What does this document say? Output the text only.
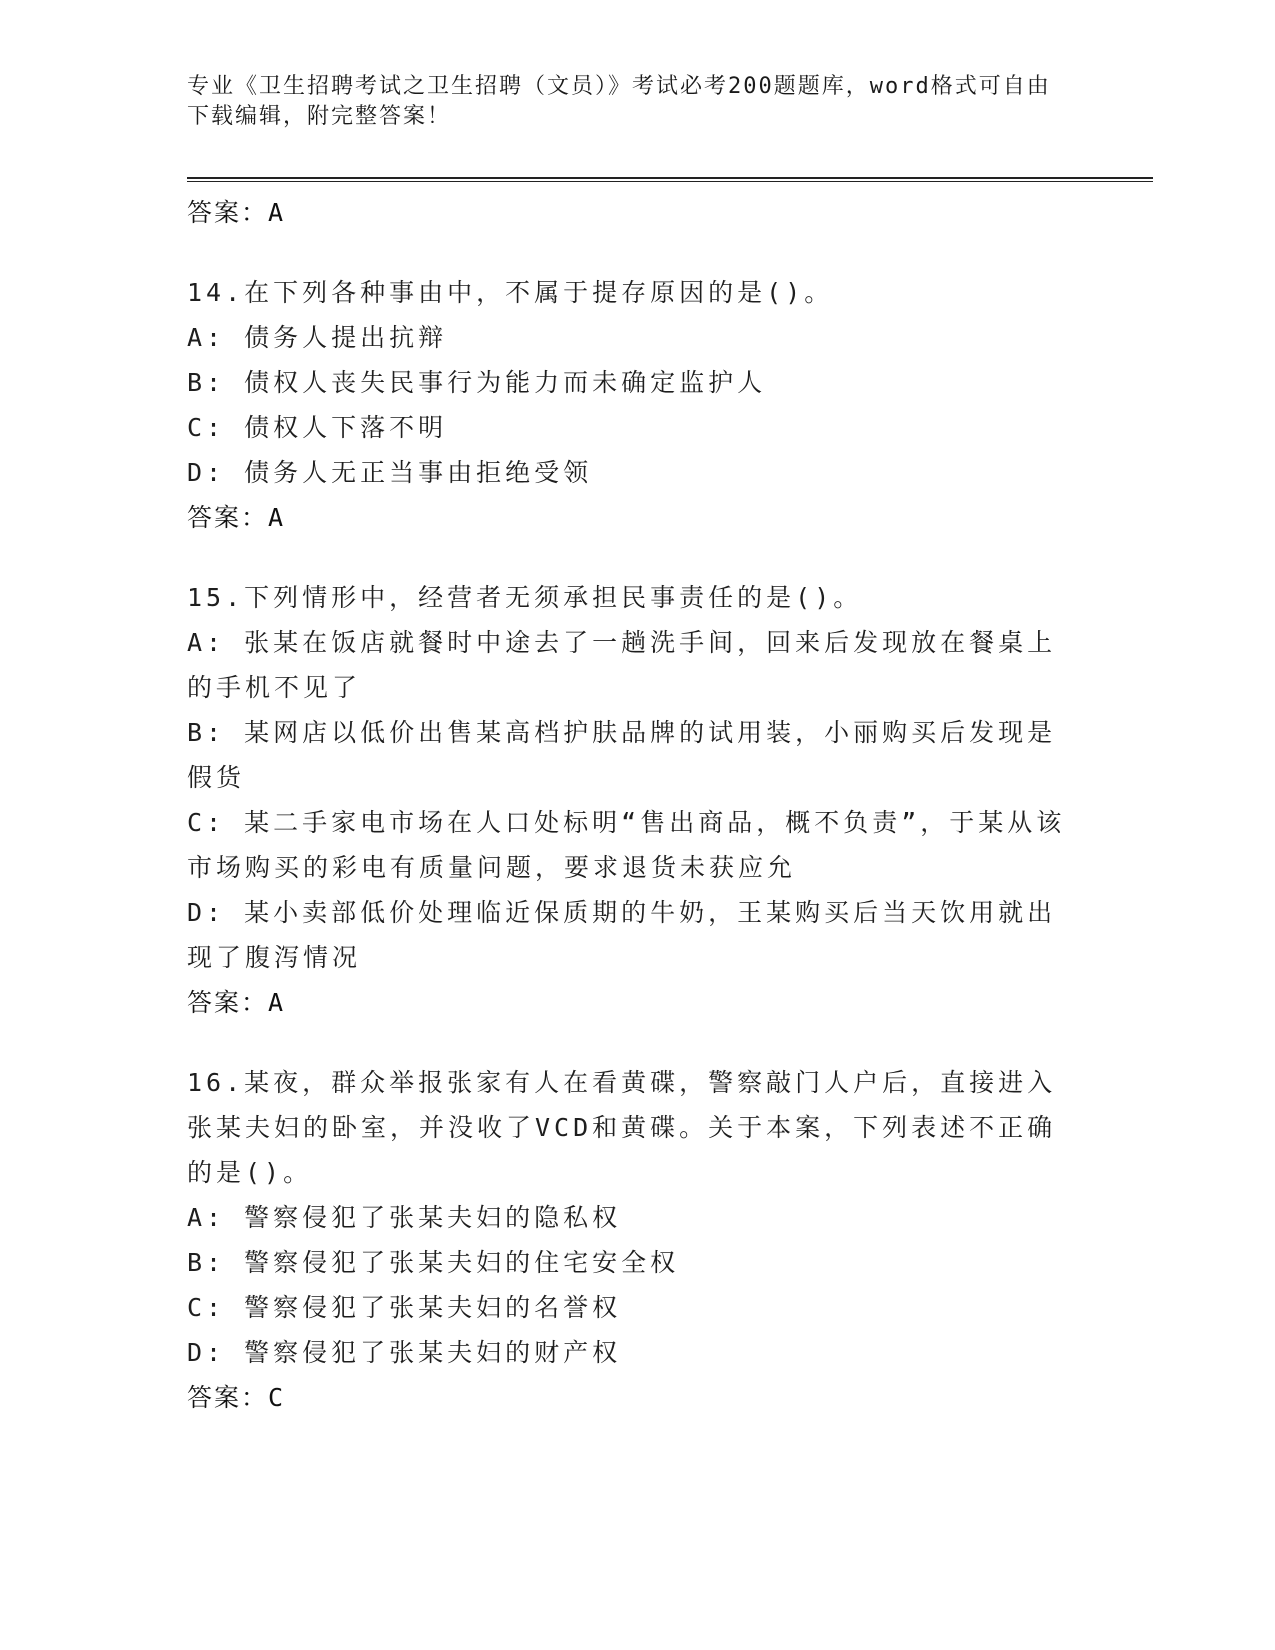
专业《卫生招聘考试之卫生招聘（文员）》考试必考200题题库，word格式可自由下载编辑，附完整答案！
答案：A
14.在下列各种事由中，不属于提存原因的是()。
A: 债务人提出抗辩
B: 债权人丧失民事行为能力而未确定监护人
C: 债权人下落不明
D: 债务人无正当事由拒绝受领
答案：A
15.下列情形中，经营者无须承担民事责任的是()。
A: 张某在饭店就餐时中途去了一趟洗手间，回来后发现放在餐桌上的手机不见了
B: 某网店以低价出售某高档护肤品牌的试用装，小丽购买后发现是假货
C: 某二手家电市场在人口处标明“售出商品，概不负责”，于某从该市场购买的彩电有质量问题，要求退货未获应允
D: 某小卖部低价处理临近保质期的牛奶，王某购买后当天饮用就出现了腹泻情况
答案：A
16.某夜，群众举报张家有人在看黄碟，警察敲门人户后，直接进入张某夫妇的卧室，并没收了VCD和黄碟。关于本案，下列表述不正确的是()。
A: 警察侵犯了张某夫妇的隐私权
B: 警察侵犯了张某夫妇的住宅安全权
C: 警察侵犯了张某夫妇的名誉权
D: 警察侵犯了张某夫妇的财产权
答案：C
